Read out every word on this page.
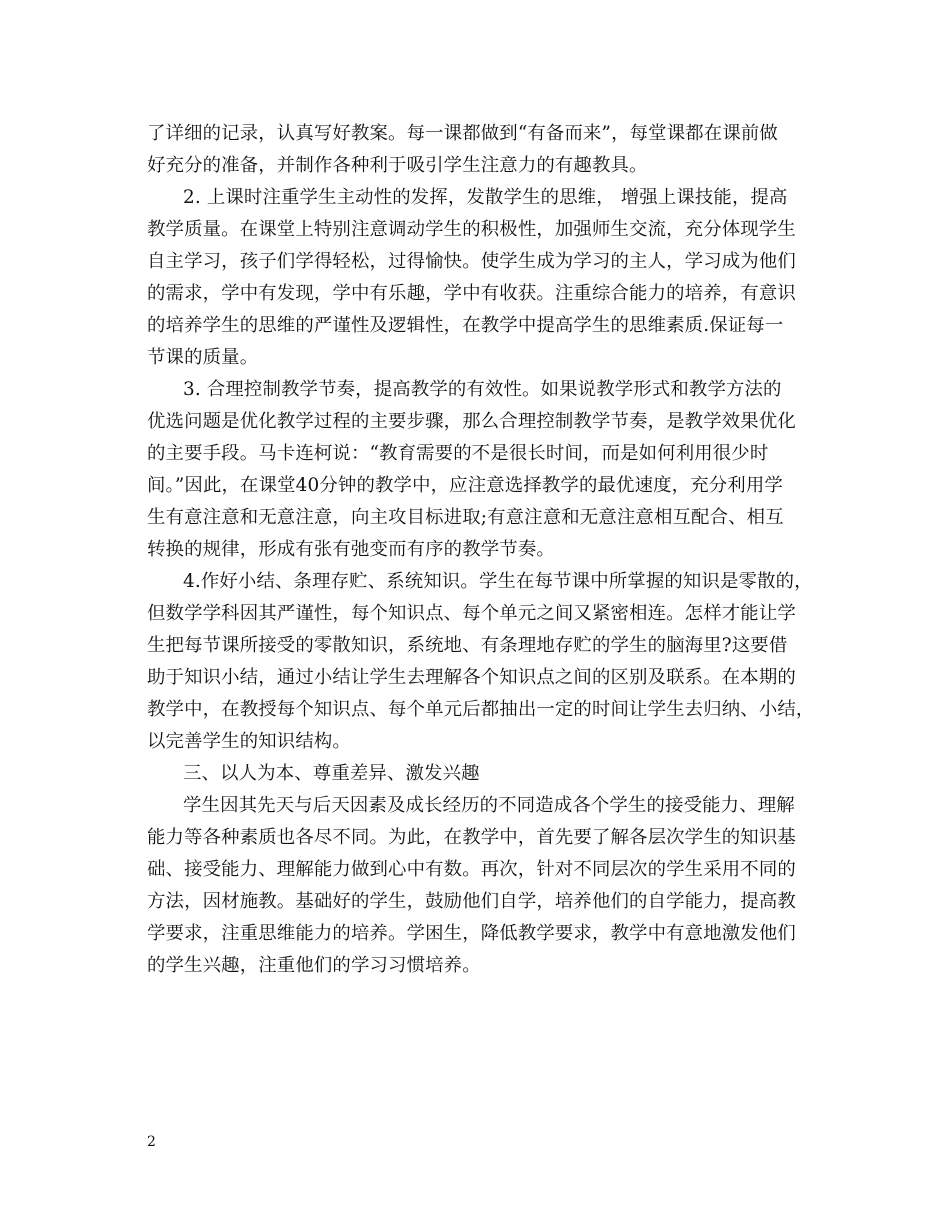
了详细的记录，认真写好教案。每一课都做到“有备而来”，每堂课都在课前做
好充分的准备，并制作各种利于吸引学生注意力的有趣教具。
2. 上课时注重学生主动性的发挥，发散学生的思维， 增强上课技能，提高
教学质量。在课堂上特别注意调动学生的积极性，加强师生交流，充分体现学生
自主学习，孩子们学得轻松，过得愉快。使学生成为学习的主人，学习成为他们
的需求，学中有发现，学中有乐趣，学中有收获。注重综合能力的培养，有意识
的培养学生的思维的严谨性及逻辑性，在教学中提高学生的思维素质.保证每一
节课的质量。
3. 合理控制教学节奏，提高教学的有效性。如果说教学形式和教学方法的
优选问题是优化教学过程的主要步骤，那么合理控制教学节奏，是教学效果优化
的主要手段。马卡连柯说：“教育需要的不是很长时间，而是如何利用很少时
间。”因此，在课堂40分钟的教学中，应注意选择教学的最优速度，充分利用学
生有意注意和无意注意，向主攻目标进取;有意注意和无意注意相互配合、相互
转换的规律，形成有张有弛变而有序的教学节奏。
4.作好小结、条理存贮、系统知识。学生在每节课中所掌握的知识是零散的，
但数学学科因其严谨性，每个知识点、每个单元之间又紧密相连。怎样才能让学
生把每节课所接受的零散知识，系统地、有条理地存贮的学生的脑海里?这要借
助于知识小结，通过小结让学生去理解各个知识点之间的区别及联系。在本期的
教学中，在教授每个知识点、每个单元后都抽出一定的时间让学生去归纳、小结，
以完善学生的知识结构。
三、以人为本、尊重差异、激发兴趣
学生因其先天与后天因素及成长经历的不同造成各个学生的接受能力、理解
能力等各种素质也各尽不同。为此，在教学中，首先要了解各层次学生的知识基
础、接受能力、理解能力做到心中有数。再次，针对不同层次的学生采用不同的
方法，因材施教。基础好的学生，鼓励他们自学，培养他们的自学能力，提高教
学要求，注重思维能力的培养。学困生，降低教学要求，教学中有意地激发他们
的学生兴趣，注重他们的学习习惯培养。
2
